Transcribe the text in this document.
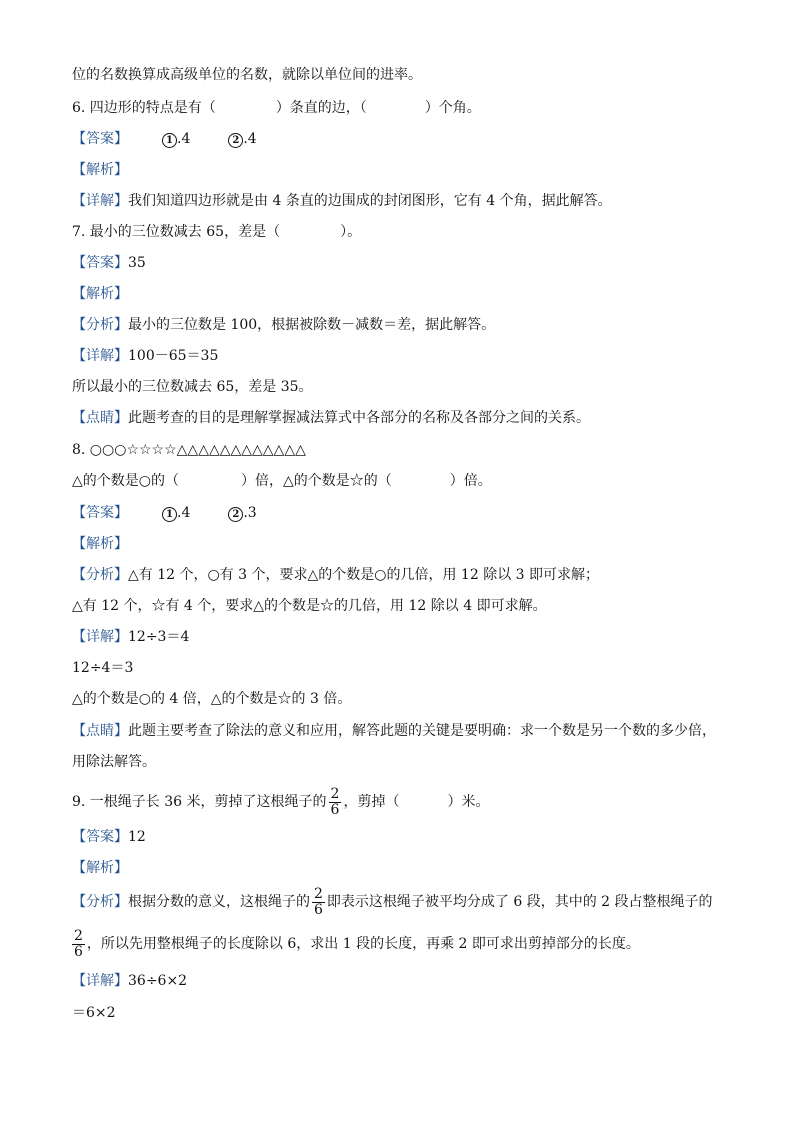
位的名数换算成高级单位的名数，就除以单位间的进率。
6. 四边形的特点是有（	）条直的边，（	）个角。
【答案】	1 .4	2 .4
【解析】
【详解】我们知道四边形就是由 4 条直的边围成的封闭图形，它有 4 个角，据此解答。
7. 最小的三位数减去 65，差是（	）。
【答案】35
【解析】
【分析】最小的三位数是 100，根据被除数－减数＝差，据此解答。
【详解】100－65＝35
所以最小的三位数减去 65，差是 35。
【点睛】此题考查的目的是理解掌握减法算式中各部分的名称及各部分之间的关系。
8. ○○○☆☆☆☆△△△△△△△△△△△△
△的个数是○的（	）倍，△的个数是☆的（	）倍。
【答案】	1 .4	2 .3
【解析】
【分析】△有 12 个，○有 3 个，要求△的个数是○的几倍，用 12 除以 3 即可求解；
△有 12 个，☆有 4 个，要求△的个数是☆的几倍，用 12 除以 4 即可求解。
【详解】12÷3＝4
12÷4＝3
△的个数是○的 4 倍，△的个数是☆的 3 倍。
【点睛】此题主要考查了除法的意义和应用，解答此题的关键是要明确：求一个数是另一个数的多少倍，
用除法解答。
9. 一根绳子长 36 米，剪掉了这根绳子的 $\frac{2}{6}$ ，剪掉（	）米。
【答案】12
【解析】
【分析】根据分数的意义，这根绳子的 $\frac{2}{6}$ 即表示这根绳子被平均分成了 6 段，其中的 2 段占整根绳子的
$\frac{2}{6}$ ，所以先用整根绳子的长度除以 6，求出 1 段的长度，再乘 2 即可求出剪掉部分的长度。
【详解】36÷6×2
＝6×2
